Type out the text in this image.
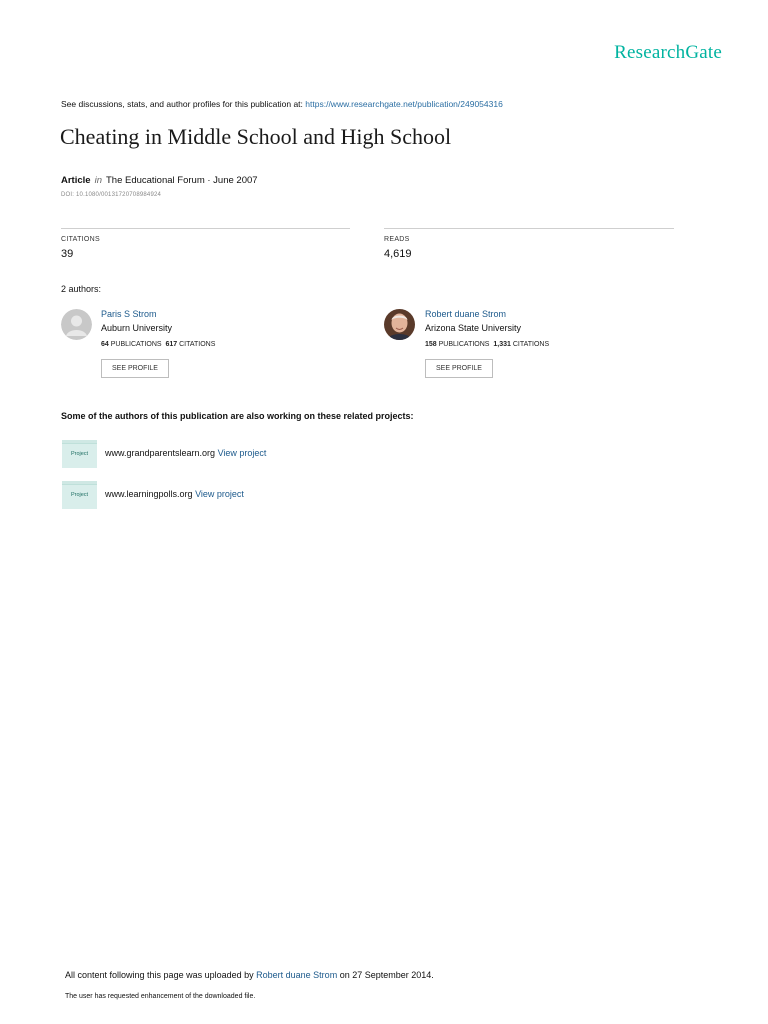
ResearchGate
See discussions, stats, and author profiles for this publication at: https://www.researchgate.net/publication/249054316
Cheating in Middle School and High School
Article in The Educational Forum · June 2007
DOI: 10.1080/00131720708984924
CITATIONS
39
READS
4,619
2 authors:
Paris S Strom
Auburn University
64 PUBLICATIONS 617 CITATIONS
SEE PROFILE
Robert duane Strom
Arizona State University
158 PUBLICATIONS 1,331 CITATIONS
SEE PROFILE
Some of the authors of this publication are also working on these related projects:
Project	www.grandparentslearn.org View project
Project	www.learningpolls.org View project
All content following this page was uploaded by Robert duane Strom on 27 September 2014.
The user has requested enhancement of the downloaded file.
